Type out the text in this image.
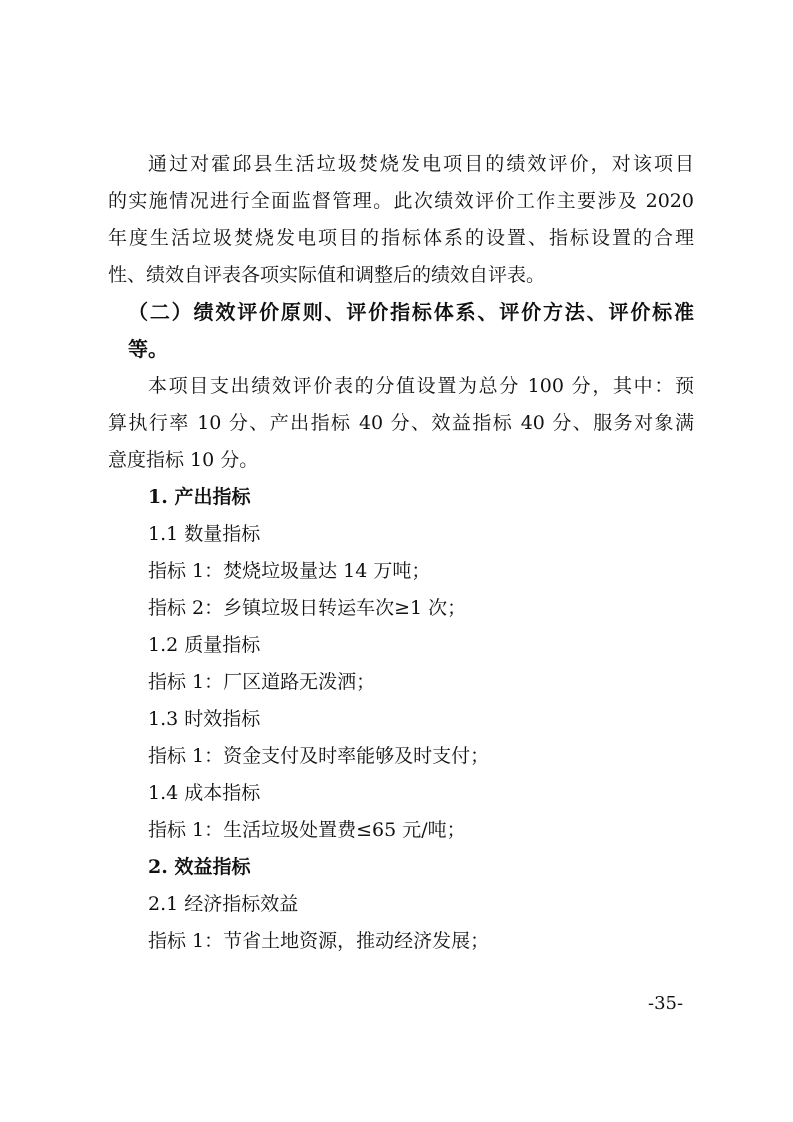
通过对霍邱县生活垃圾焚烧发电项目的绩效评价，对该项目
的实施情况进行全面监督管理。此次绩效评价工作主要涉及 2020
年度生活垃圾焚烧发电项目的指标体系的设置、指标设置的合理
性、绩效自评表各项实际值和调整后的绩效自评表。
（二）绩效评价原则、评价指标体系、评价方法、评价标准
等。
本项目支出绩效评价表的分值设置为总分 100 分，其中：预
算执行率 10 分、产出指标 40 分、效益指标 40 分、服务对象满
意度指标 10 分。
1. 产出指标
1.1 数量指标
指标 1：焚烧垃圾量达 14 万吨；
指标 2：乡镇垃圾日转运车次≥1 次；
1.2 质量指标
指标 1：厂区道路无泼洒；
1.3 时效指标
指标 1：资金支付及时率能够及时支付；
1.4 成本指标
指标 1：生活垃圾处置费≤65 元/吨；
2. 效益指标
2.1 经济指标效益
指标 1：节省土地资源，推动经济发展；
-35-
